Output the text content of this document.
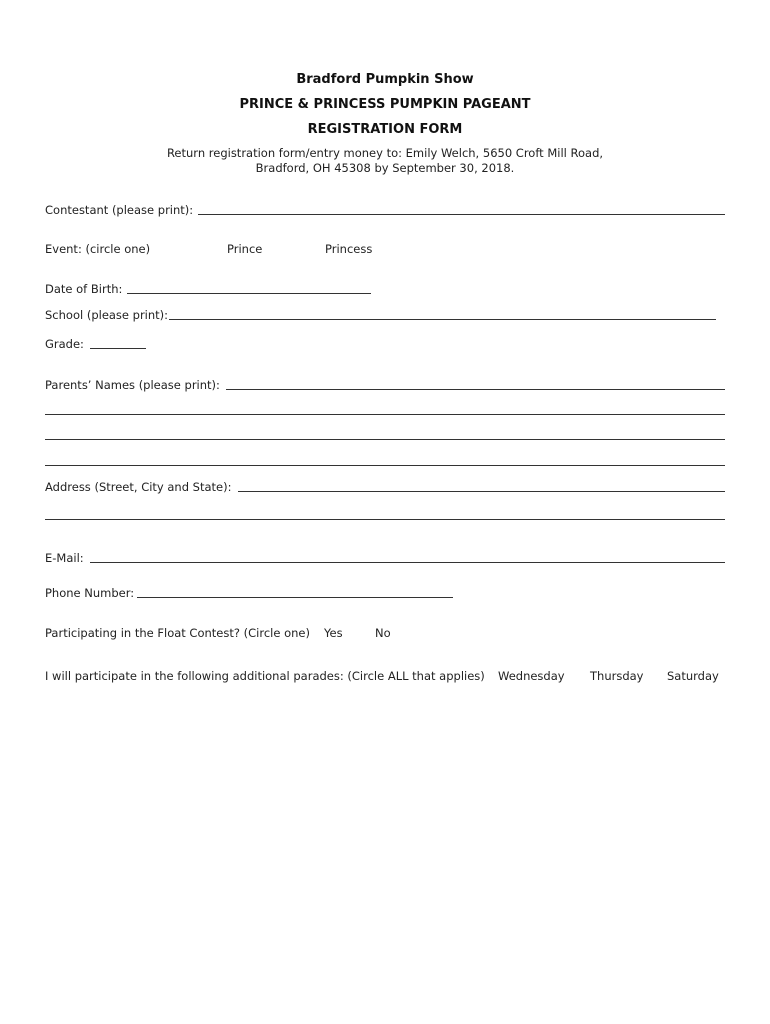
Bradford Pumpkin Show
PRINCE & PRINCESS PUMPKIN PAGEANT
REGISTRATION FORM
Return registration form/entry money to: Emily Welch, 5650 Croft Mill Road,
Bradford, OH 45308 by September 30, 2018.
Contestant (please print):
Event: (circle one)	Prince	Princess
Date of Birth:
School (please print):
Grade:
Parents’ Names (please print):
Address (Street, City and State):
E-Mail:
Phone Number:
Participating in the Float Contest? (Circle one) Yes	No
I will participate in the following additional parades: (Circle ALL that applies) Wednesday Thursday Saturday
